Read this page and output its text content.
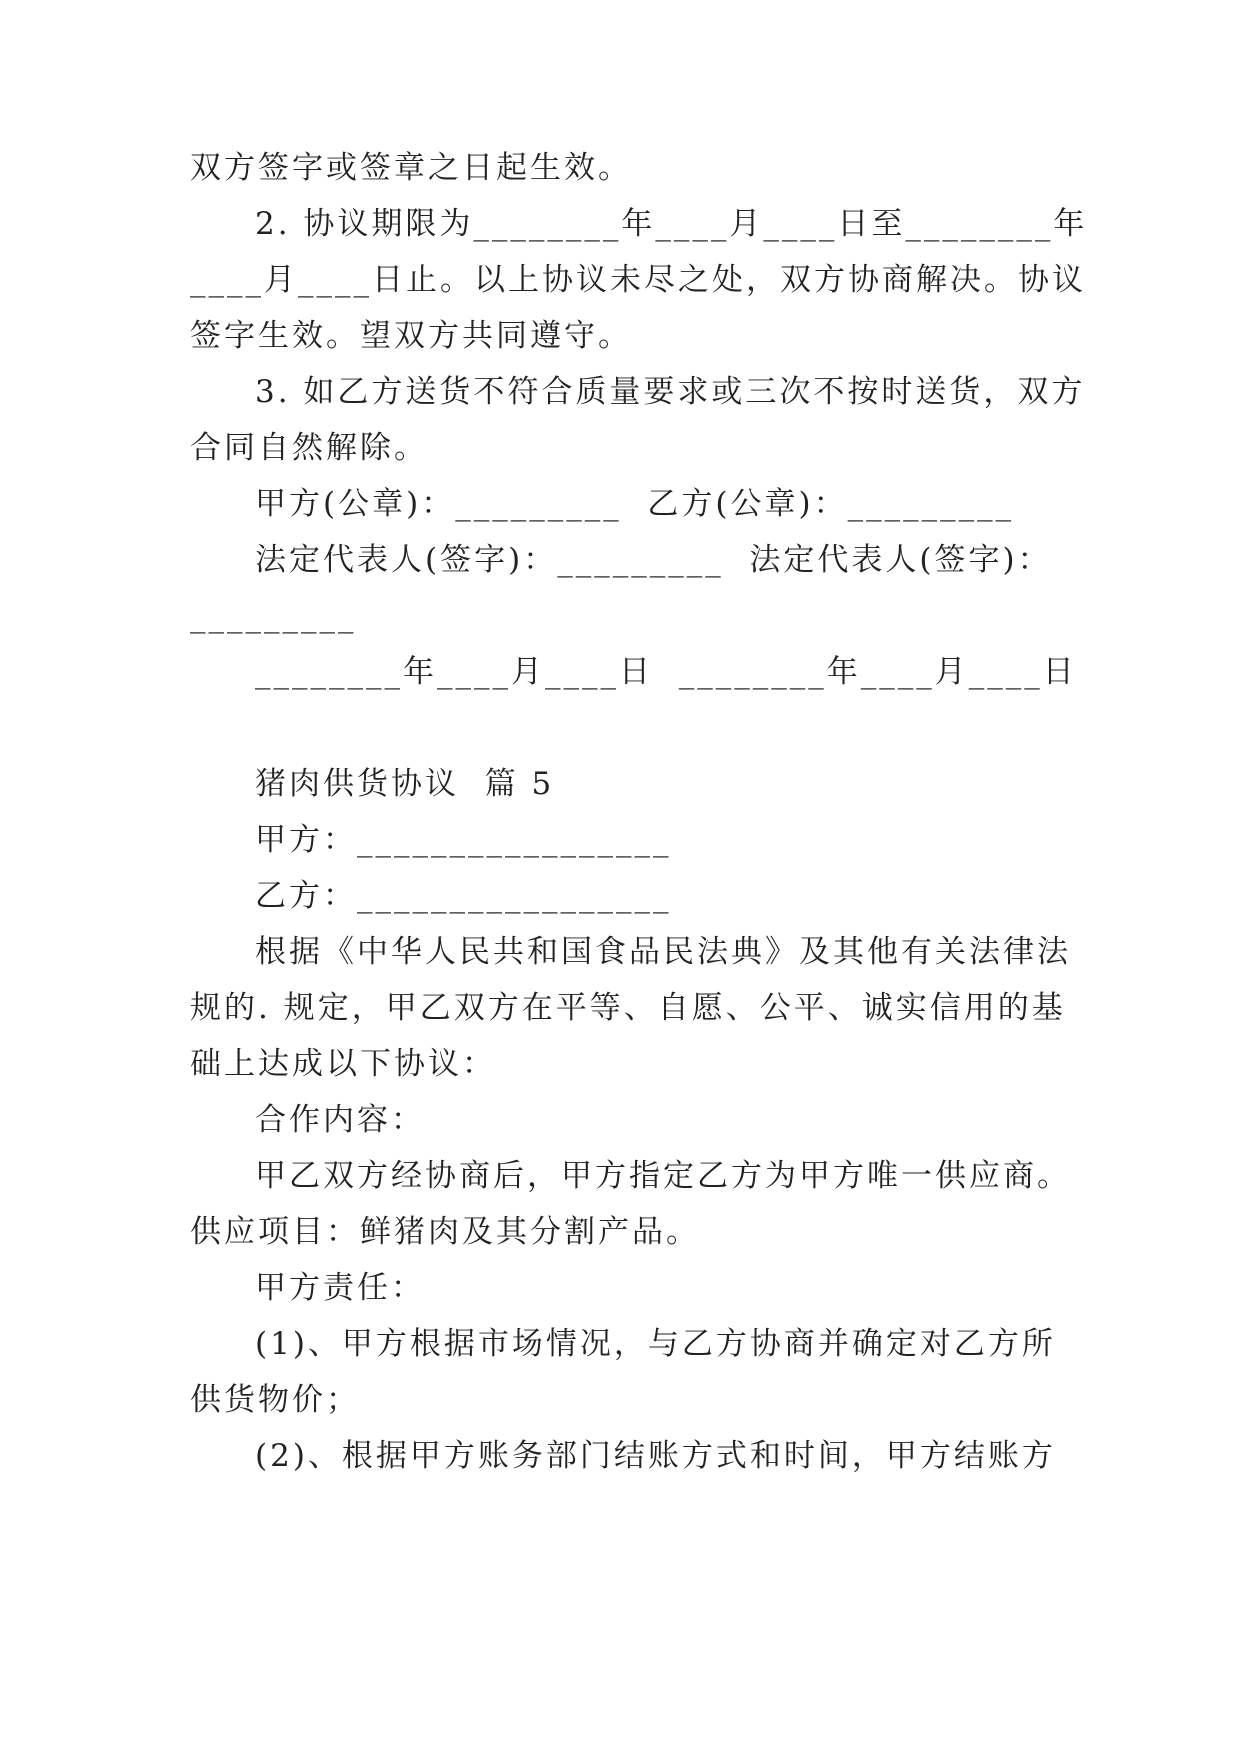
双方签字或签章之日起生效。
2. 协议期限为________年____月____日至________年
____月____日止。以上协议未尽之处，双方协商解决。协议
签字生效。望双方共同遵守。
3. 如乙方送货不符合质量要求或三次不按时送货，双方
合同自然解除。
甲方(公章)：_________  乙方(公章)：_________
法定代表人(签字)：_________  法定代表人(签字)：
_________
________年____月____日  ________年____月____日
猪肉供货协议  篇 5
甲方：_________________
乙方：_________________
根据《中华人民共和国食品民法典》及其他有关法律法
规的. 规定，甲乙双方在平等、自愿、公平、诚实信用的基
础上达成以下协议：
合作内容：
甲乙双方经协商后，甲方指定乙方为甲方唯一供应商。
供应项目：鲜猪肉及其分割产品。
甲方责任：
(1)、甲方根据市场情况，与乙方协商并确定对乙方所
供货物价；
(2)、根据甲方账务部门结账方式和时间，甲方结账方
